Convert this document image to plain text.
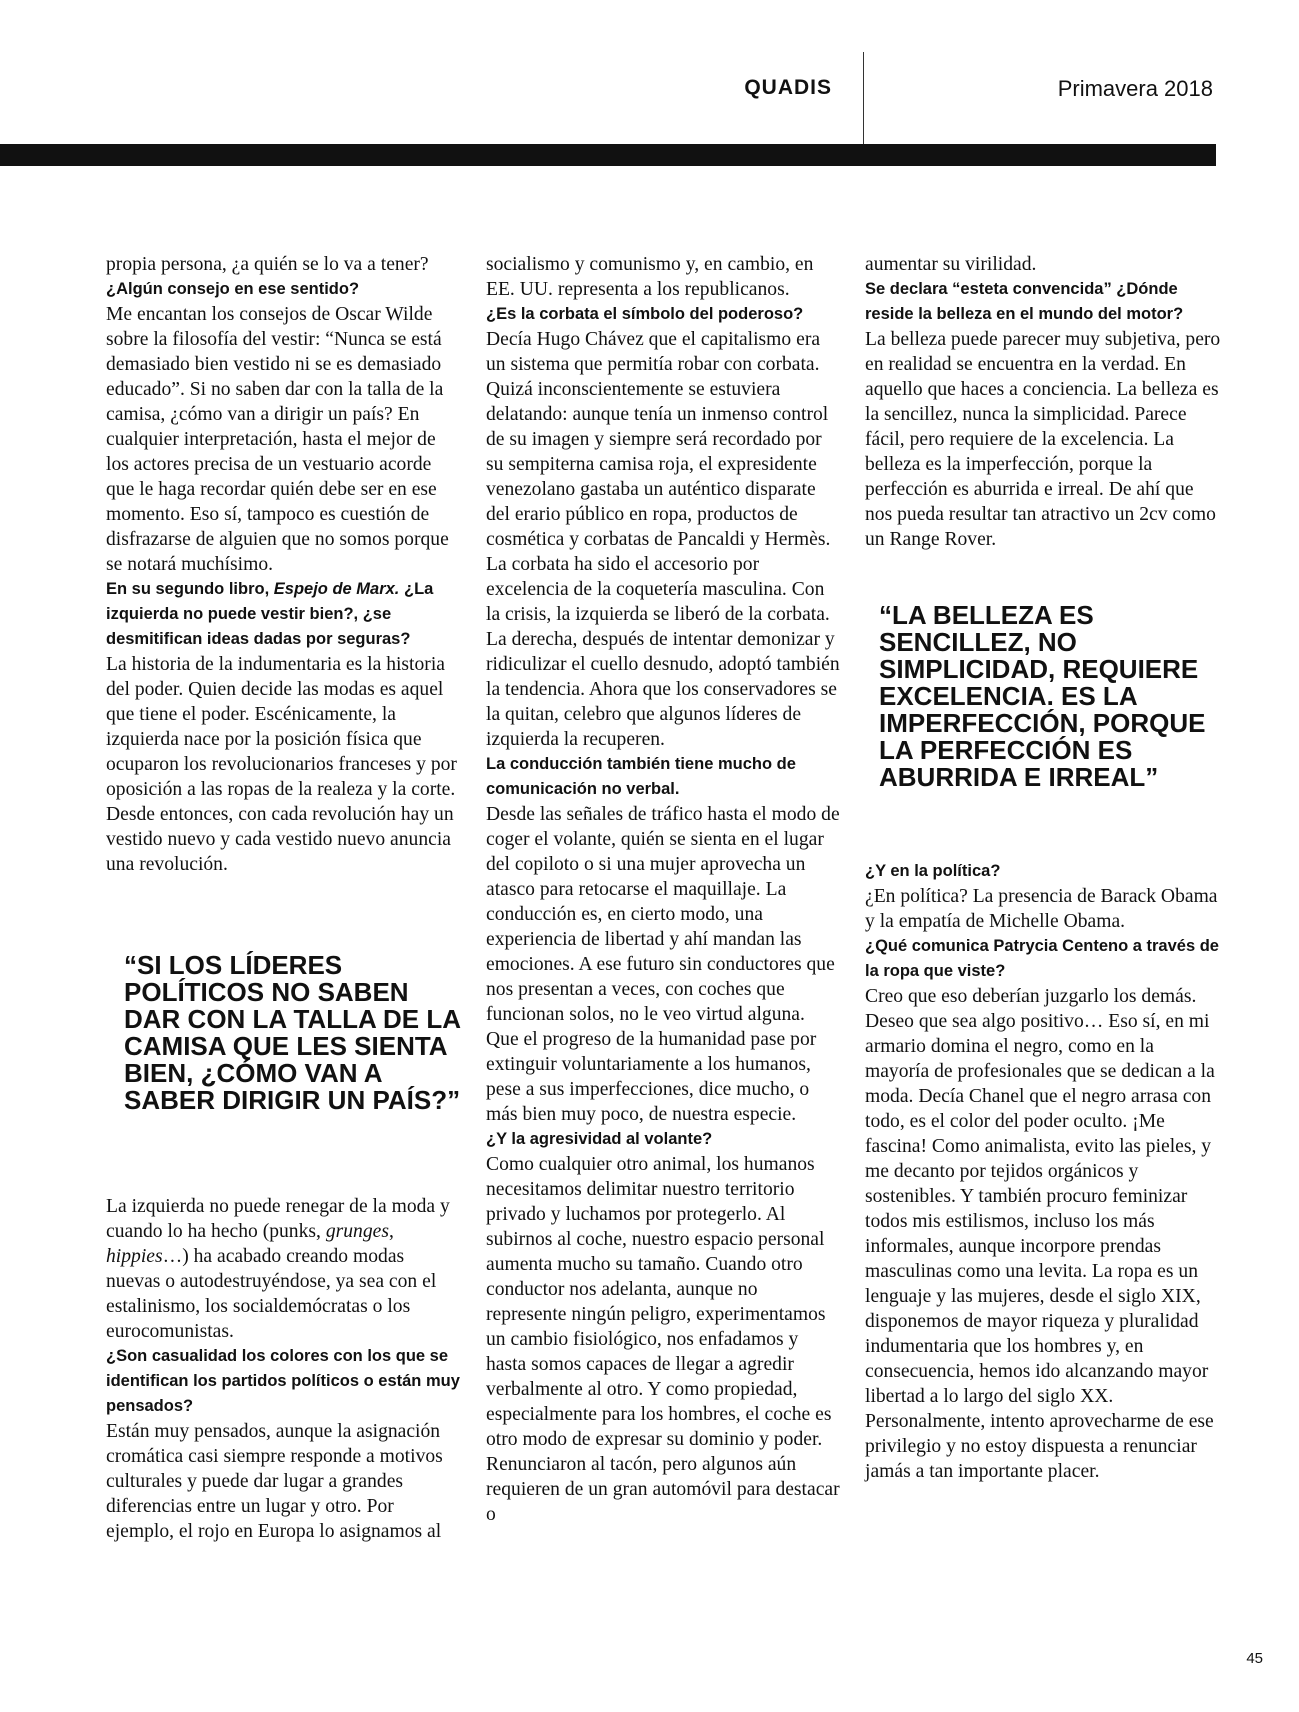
QUADIS	Primavera 2018

propia persona, ¿a quién se lo va a tener?

¿Algún consejo en ese sentido?

Me encantan los consejos de Oscar Wilde sobre la filosofía del vestir: “Nunca se está demasiado bien vestido ni se es demasiado educado”. Si no saben dar con la talla de la camisa, ¿cómo van a dirigir un país? En cualquier interpretación, hasta el mejor de los actores precisa de un vestuario acorde que le haga recordar quién debe ser en ese momento. Eso sí, tampoco es cuestión de disfrazarse de alguien que no somos porque se notará muchísimo.

En su segundo libro, Espejo de Marx. ¿La izquierda no puede vestir bien?, ¿se desmitifican ideas dadas por seguras?

La historia de la indumentaria es la historia del poder. Quien decide las modas es aquel que tiene el poder. Escénicamente, la izquierda nace por la posición física que ocuparon los revolucionarios franceses y por oposición a las ropas de la realeza y la corte. Desde entonces, con cada revolución hay un vestido nuevo y cada vestido nuevo anuncia una revolución.

“SI LOS LÍDERES POLÍTICOS NO SABEN DAR CON LA TALLA DE LA CAMISA QUE LES SIENTA BIEN, ¿CÓMO VAN A SABER DIRIGIR UN PAÍS?”

La izquierda no puede renegar de la moda y cuando lo ha hecho (punks, grunges, hippies…) ha acabado creando modas nuevas o autodestruyéndose, ya sea con el estalinismo, los socialdemócratas o los eurocomunistas.

¿Son casualidad los colores con los que se identifican los partidos políticos o están muy pensados?

Están muy pensados, aunque la asignación cromática casi siempre responde a motivos culturales y puede dar lugar a grandes diferencias entre un lugar y otro. Por ejemplo, el rojo en Europa lo asignamos al

socialismo y comunismo y, en cambio, en EE. UU. representa a los republicanos.

¿Es la corbata el símbolo del poderoso?

Decía Hugo Chávez que el capitalismo era un sistema que permitía robar con corbata. Quizá inconscientemente se estuviera delatando: aunque tenía un inmenso control de su imagen y siempre será recordado por su sempiterna camisa roja, el expresidente venezolano gastaba un auténtico disparate del erario público en ropa, productos de cosmética y corbatas de Pancaldi y Hermès. La corbata ha sido el accesorio por excelencia de la coquetería masculina. Con la crisis, la izquierda se liberó de la corbata. La derecha, después de intentar demonizar y ridiculizar el cuello desnudo, adoptó también la tendencia. Ahora que los conservadores se la quitan, celebro que algunos líderes de izquierda la recuperen.

La conducción también tiene mucho de comunicación no verbal.

Desde las señales de tráfico hasta el modo de coger el volante, quién se sienta en el lugar del copiloto o si una mujer aprovecha un atasco para retocarse el maquillaje. La conducción es, en cierto modo, una experiencia de libertad y ahí mandan las emociones. A ese futuro sin conductores que nos presentan a veces, con coches que funcionan solos, no le veo virtud alguna. Que el progreso de la humanidad pase por extinguir voluntariamente a los humanos, pese a sus imperfecciones, dice mucho, o más bien muy poco, de nuestra especie.

¿Y la agresividad al volante?

Como cualquier otro animal, los humanos necesitamos delimitar nuestro territorio privado y luchamos por protegerlo. Al subirnos al coche, nuestro espacio personal aumenta mucho su tamaño. Cuando otro conductor nos adelanta, aunque no represente ningún peligro, experimentamos un cambio fisiológico, nos enfadamos y hasta somos capaces de llegar a agredir verbalmente al otro. Y como propiedad, especialmente para los hombres, el coche es otro modo de expresar su dominio y poder. Renunciaron al tacón, pero algunos aún requieren de un gran automóvil para destacar o

aumentar su virilidad.

Se declara “esteta convencida” ¿Dónde reside la belleza en el mundo del motor?

La belleza puede parecer muy subjetiva, pero en realidad se encuentra en la verdad. En aquello que haces a conciencia. La belleza es la sencillez, nunca la simplicidad. Parece fácil, pero requiere de la excelencia. La belleza es la imperfección, porque la perfección es aburrida e irreal. De ahí que nos pueda resultar tan atractivo un 2cv como un Range Rover.

“LA BELLEZA ES SENCILLEZ, NO SIMPLICIDAD, REQUIERE EXCELENCIA. ES LA IMPERFECCIÓN, PORQUE LA PERFECCIÓN ES ABURRIDA E IRREAL”

¿Y en la política?

¿En política? La presencia de Barack Obama y la empatía de Michelle Obama.

¿Qué comunica Patrycia Centeno a través de la ropa que viste?

Creo que eso deberían juzgarlo los demás. Deseo que sea algo positivo… Eso sí, en mi armario domina el negro, como en la mayoría de profesionales que se dedican a la moda. Decía Chanel que el negro arrasa con todo, es el color del poder oculto. ¡Me fascina! Como animalista, evito las pieles, y me decanto por tejidos orgánicos y sostenibles. Y también procuro feminizar todos mis estilismos, incluso los más informales, aunque incorpore prendas masculinas como una levita. La ropa es un lenguaje y las mujeres, desde el siglo XIX, disponemos de mayor riqueza y pluralidad indumentaria que los hombres y, en consecuencia, hemos ido alcanzando mayor libertad a lo largo del siglo XX. Personalmente, intento aprovecharme de ese privilegio y no estoy dispuesta a renunciar jamás a tan importante placer.

45
